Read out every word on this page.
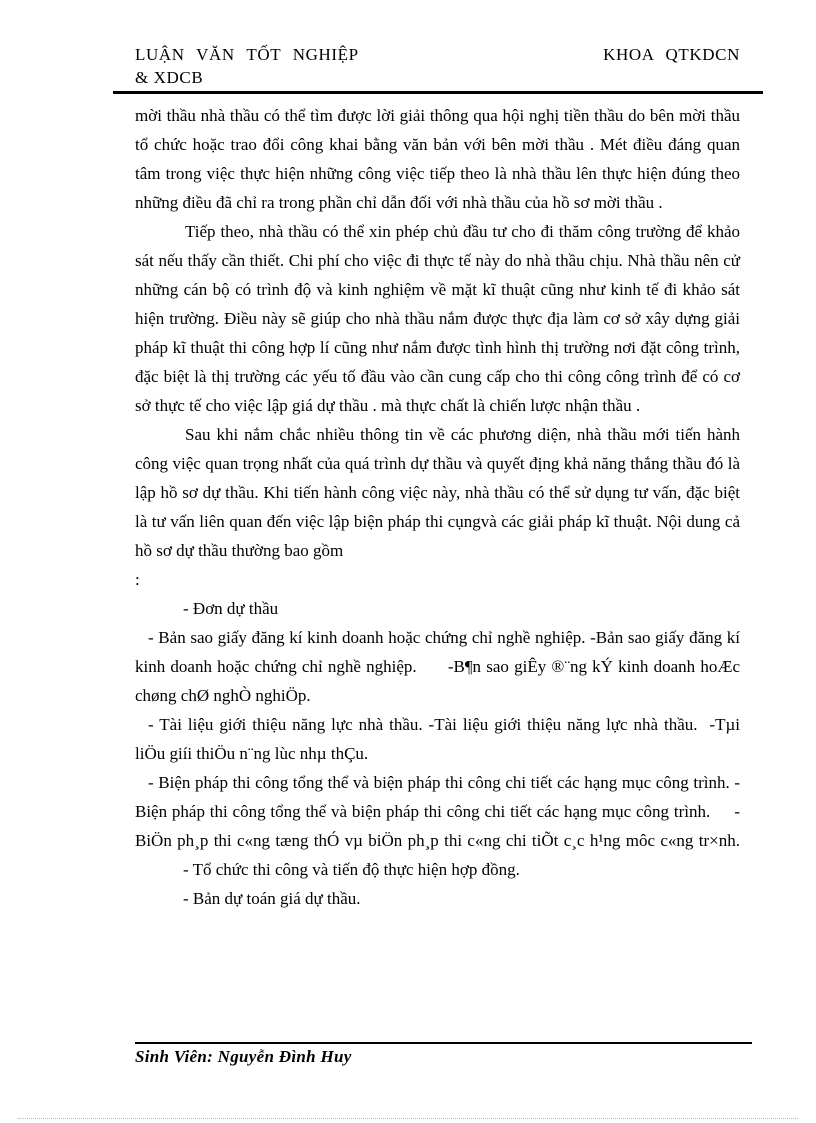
LUẬN VĂN TỐT NGHIỆP	KHOA QTKDCN
& XDCB

mời thầu nhà thầu có thể tìm được lời giải thông qua hội nghị tiền thầu do bên mời thầu tổ chức hoặc trao đổi công khai bằng văn bản với bên mời thầu . Mét điều đáng quan tâm trong việc thực hiện những công việc tiếp theo là nhà thầu lên thực hiện đúng theo những điều đã chỉ ra trong phần chỉ dẫn đối với nhà thầu của hồ sơ mời thầu .

Tiếp theo, nhà thầu có thể xin phép chủ đầu tư cho đi thăm công trường để khảo sát nếu thấy cần thiết. Chi phí cho việc đi thực tế này do nhà thầu chịu. Nhà thầu nên cử những cán bộ có trình độ và kinh nghiệm về mặt kĩ thuật cũng như kinh tế đi khảo sát hiện trường. Điều này sẽ giúp cho nhà thầu nắm được thực địa làm cơ sở xây dựng giải pháp kĩ thuật thi công hợp lí cũng như nắm được tình hình thị trường nơi đặt công trình, đặc biệt là thị trường các yếu tố đầu vào cần cung cấp cho thi công công trình để có cơ sở thực tế cho việc lập giá dự thầu . mà thực chất là chiến lược nhận thầu .

Sau khi nắm chắc nhiều thông tin về các phương diện, nhà thầu mới tiến hành công việc quan trọng nhất của quá trình dự thầu và quyết địng khả năng thắng thầu đó là lập hồ sơ dự thầu. Khi tiến hành công việc này, nhà thầu có thể sử dụng tư vấn, đặc biệt là tư vấn liên quan đến việc lập biện pháp thi cụngvà các giải pháp kĩ thuật. Nội dung cả hồ sơ dự thầu thường bao gồm

:

- Đơn dự thầu

- Bản sao giấy đăng kí kinh doanh hoặc chứng chỉ nghề nghiệp. -Bản sao giấy đăng kí kinh doanh hoặc chứng chỉ nghề nghiệp.      -B¶n sao giÊy ®¨ng kÝ kinh doanh hoÆc chøng chØ nghÒ nghiÖp.

- Tài liệu giới thiệu năng lực nhà thầu. -Tài liệu giới thiệu năng lực nhà thầu.  -Tµi liÖu giíi thiÖu n¨ng lùc nhµ thÇu.

- Biện pháp thi công tổng thể và biện pháp thi công chi tiết các hạng mục công trình. -Biện pháp thi công tổng thể và biện pháp thi công chi tiết các hạng mục công trình.     -BiÖn ph¸p thi c«ng tæng thÓ vµ biÖn ph¸p thi c«ng chi tiÕt c¸c h¹ng môc c«ng tr×nh.

- Tổ chức thi công và tiến độ thực hiện hợp đồng.

- Bản dự toán giá dự thầu.

Sinh Viên: Nguyễn Đình Huy
